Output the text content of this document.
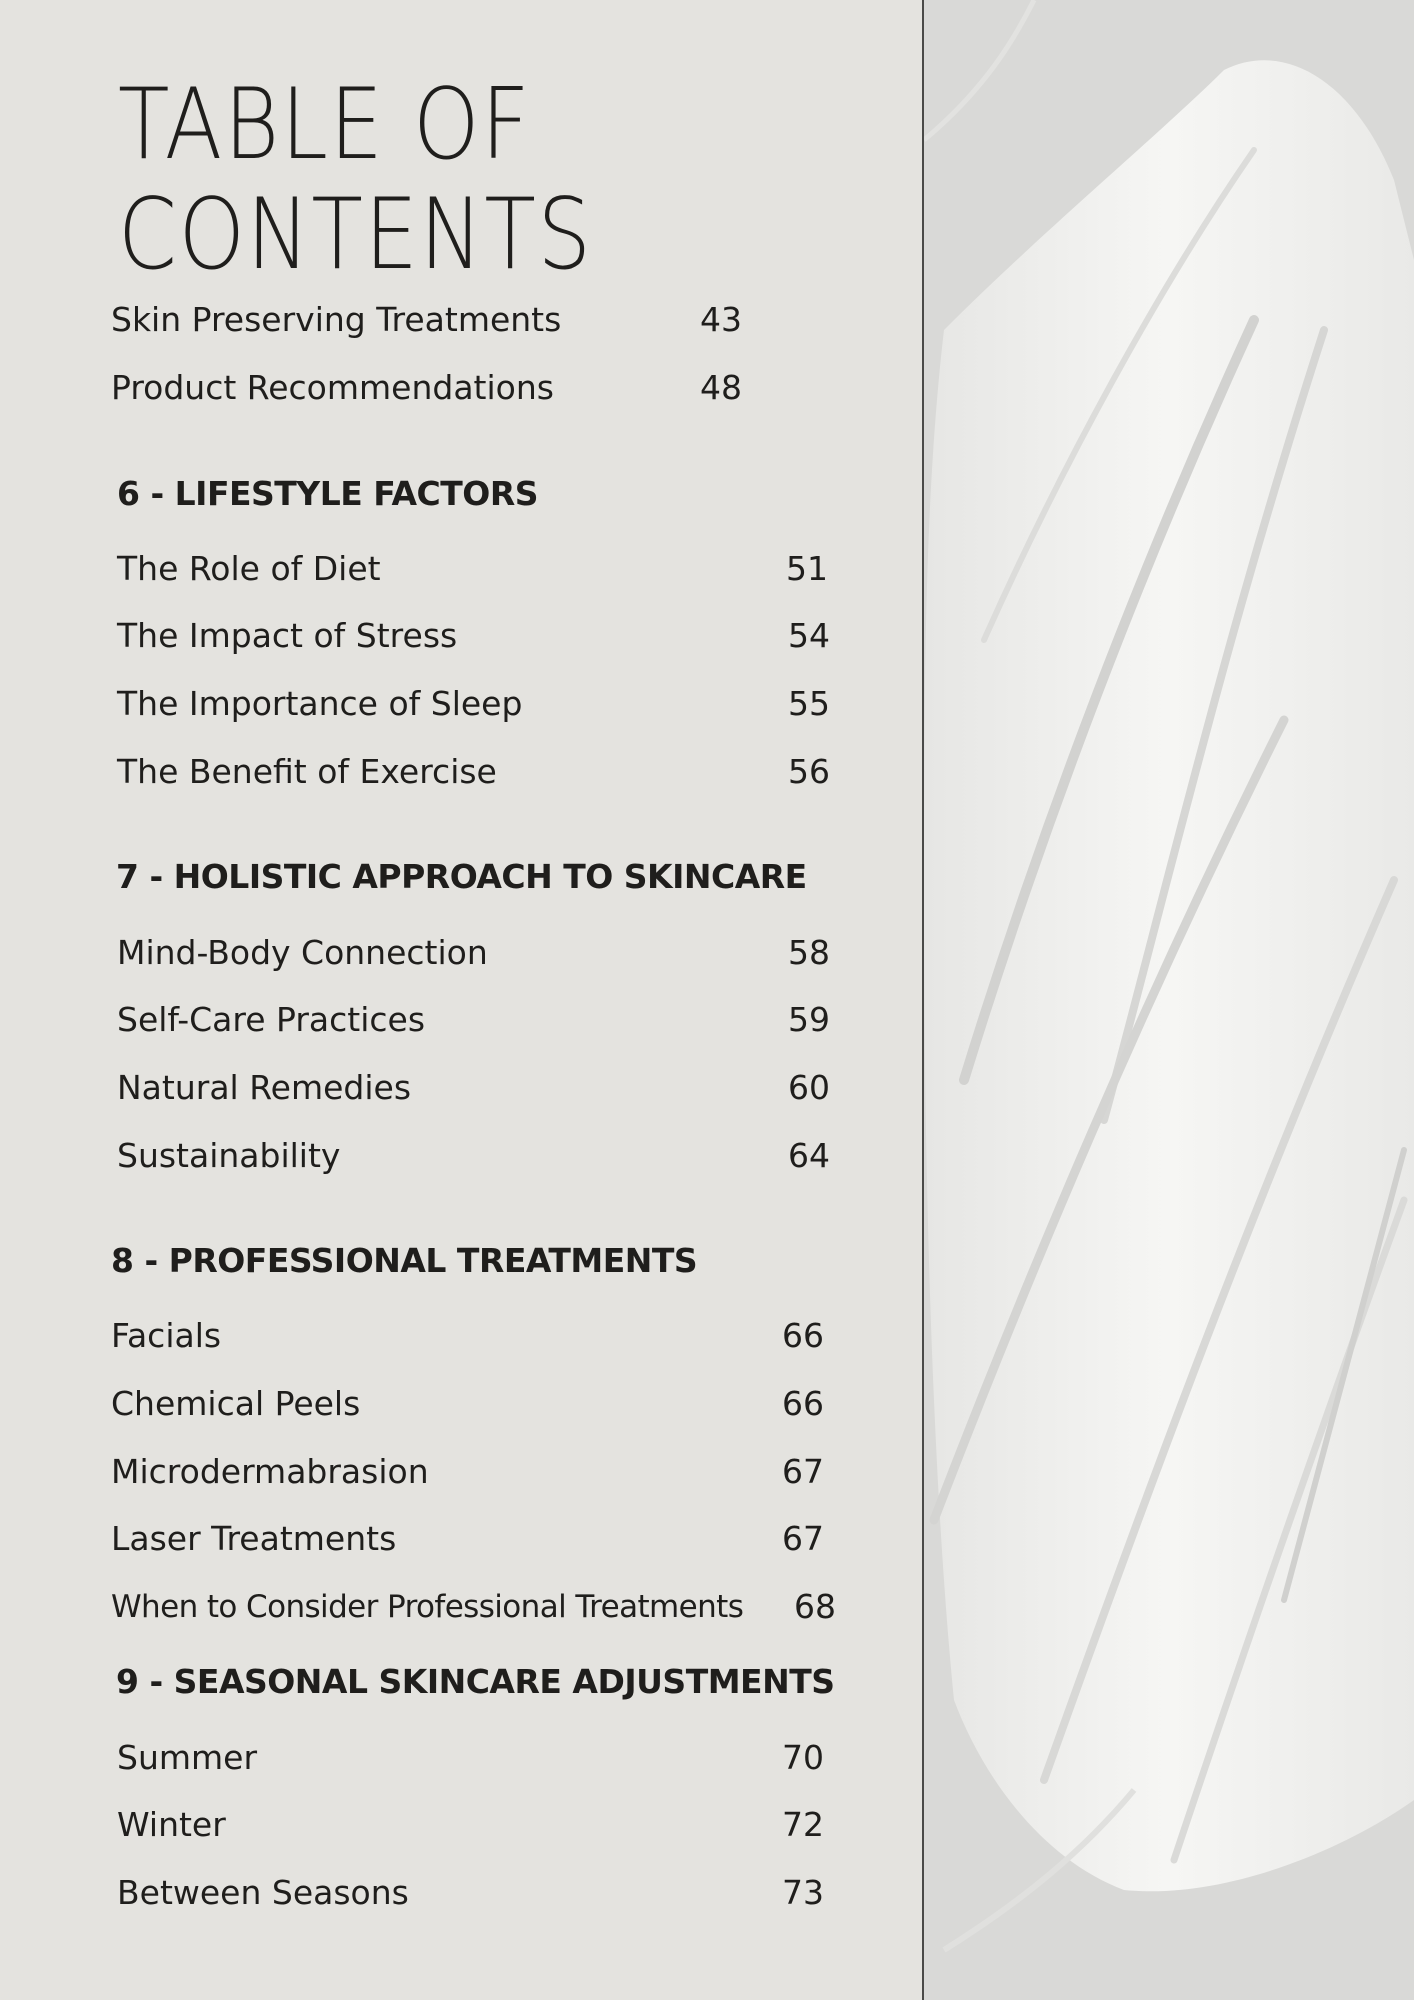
TABLE OF
CONTENTS
Skin Preserving Treatments	43
Product Recommendations	48
6 - LIFESTYLE FACTORS
The Role of Diet	51
The Impact of Stress	54
The Importance of Sleep	55
The Benefit of Exercise	56
7 - HOLISTIC APPROACH TO SKINCARE
Mind-Body Connection	58
Self-Care Practices	59
Natural Remedies	60
Sustainability	64
8 - PROFESSIONAL TREATMENTS
Facials	66
Chemical Peels	66
Microdermabrasion	67
Laser Treatments	67
When to Consider Professional Treatments	68
9 - SEASONAL SKINCARE ADJUSTMENTS
Summer	70
Winter	72
Between Seasons	73
